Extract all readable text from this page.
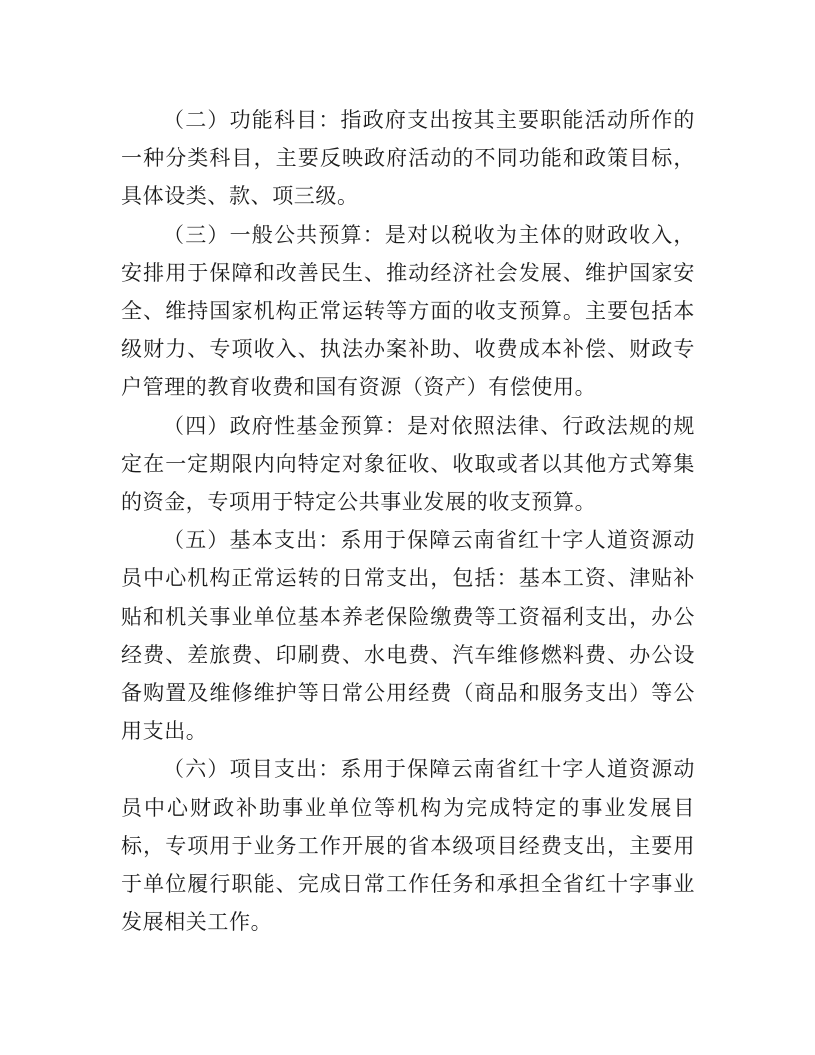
（二）功能科目：指政府支出按其主要职能活动所作的一种分类科目，主要反映政府活动的不同功能和政策目标，具体设类、款、项三级。

（三）一般公共预算：是对以税收为主体的财政收入，安排用于保障和改善民生、推动经济社会发展、维护国家安全、维持国家机构正常运转等方面的收支预算。主要包括本级财力、专项收入、执法办案补助、收费成本补偿、财政专户管理的教育收费和国有资源（资产）有偿使用。

（四）政府性基金预算：是对依照法律、行政法规的规定在一定期限内向特定对象征收、收取或者以其他方式筹集的资金，专项用于特定公共事业发展的收支预算。

（五）基本支出：系用于保障云南省红十字人道资源动员中心机构正常运转的日常支出，包括：基本工资、津贴补贴和机关事业单位基本养老保险缴费等工资福利支出，办公经费、差旅费、印刷费、水电费、汽车维修燃料费、办公设备购置及维修维护等日常公用经费（商品和服务支出）等公用支出。

（六）项目支出：系用于保障云南省红十字人道资源动员中心财政补助事业单位等机构为完成特定的事业发展目标，专项用于业务工作开展的省本级项目经费支出，主要用于单位履行职能、完成日常工作任务和承担全省红十字事业发展相关工作。
